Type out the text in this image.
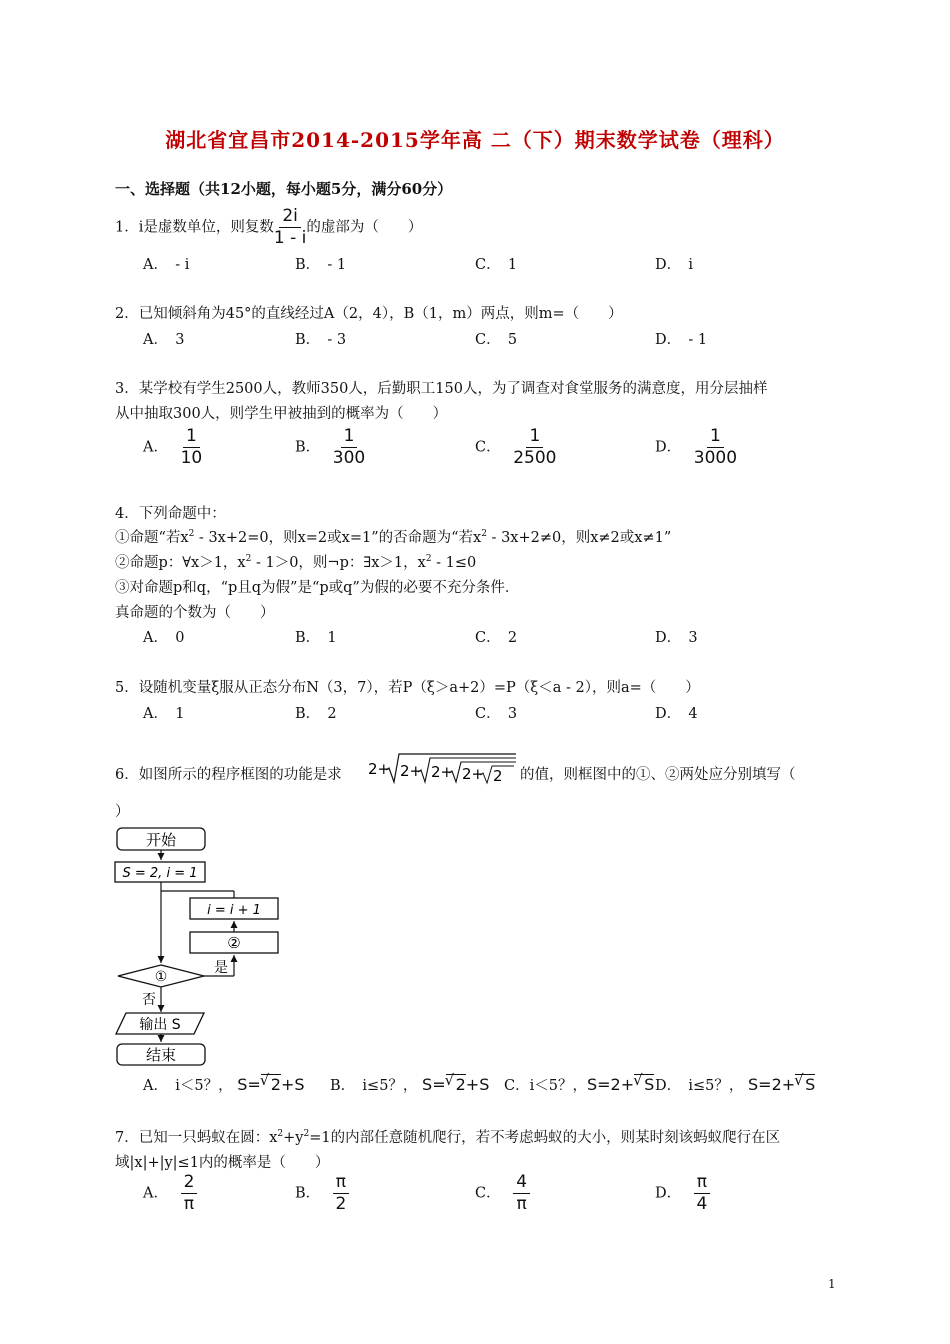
湖北省宜昌市2014-2015学年高 二（下）期末数学试卷（理科）
一、选择题（共12小题，每小题5分，满分60分）
1．i是虚数单位，则复数 $\frac{2i}{1 - i}$ 的虚部为（　　）
A．　- i	B．　- 1	C．　1	D．　i
2．已知倾斜角为45°的直线经过A（2，4），B（1，m）两点，则m=（　　）
A．　3	B．　- 3	C．　5	D．　- 1
3．某学校有学生2500人，教师350人，后勤职工150人，为了调查对食堂服务的满意度，用分层抽样
从中抽取300人，则学生甲被抽到的概率为（　　）
A． $\frac{1}{10}$	B． $\frac{1}{300}$	C． $\frac{1}{2500}$	D． $\frac{1}{3000}$
4．下列命题中：
①命题“若$x^2 - 3x+2=0$，则x=2或x=1”的否命题为“若$x^2 - 3x+2\ne 0$，则x≠2或x≠1”
②命题p：∀x＞1，$x^2 - 1>0$，则¬p：∃x＞1，$x^2 - 1\le 0$
③对命题p和q，“p且q为假”是“p或q”为假的必要不充分条件．
真命题的个数为（　　）
A．　0	B．　1	C．　2	D．　3
5．设随机变量ξ服从正态分布N（3，7），若P（ξ＞a+2）=P（ξ＜a - 2），则a=（　　）
A．　1	B．　2	C．　3	D．　4
6．如图所示的程序框图的功能是求 2+ 2+ 2+ 2+ 2 的值，则框图中的①、②两处应分别填写（
）
开始
S = 2, i = 1
i = i + 1
②
是
①
否
输出 S
结束
A．　 i＜5？， S= √ 2+S B．　 i≤5？， S= √ 2+S C．i＜5？，S=2+ √ S D．　 i≤5？， S=2+ √ S
7．已知一只蚂蚁在圆：$x^2+y^2=1$的内部任意随机爬行，若不考虑蚂蚁的大小，则某时刻该蚂蚁爬行在区
域|x|+|y|≤1内的概率是（　　）
A． $\frac{2}{\pi}$	B． $\frac{\pi}{2}$	C． $\frac{4}{\pi}$	D． $\frac{\pi}{4}$
1
